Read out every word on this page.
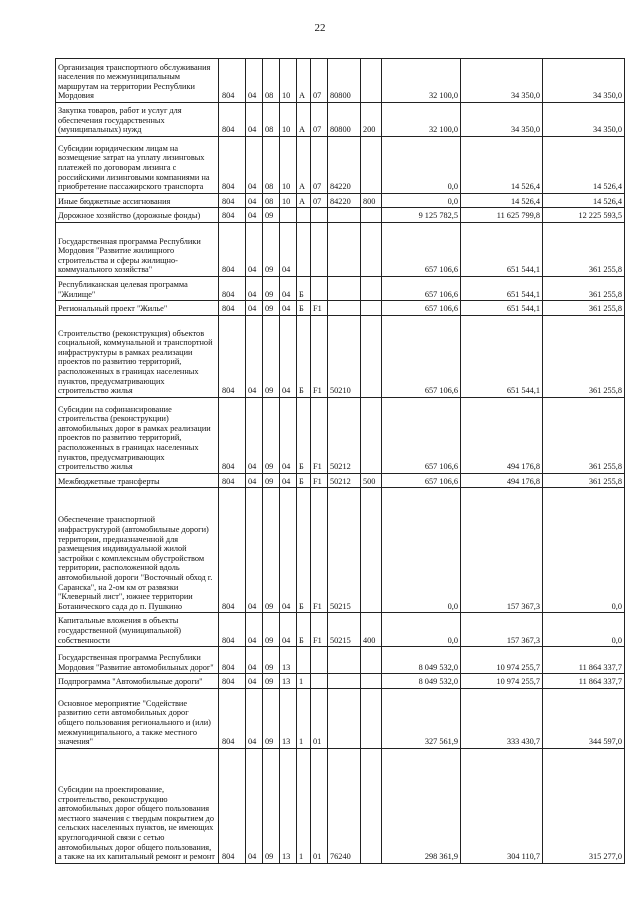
22
Организация транспортного обслуживания населения по межмуниципальным маршрутам на территории Республики Мордовия	804	04	08	10	А	07	80800		32 100,0	34 350,0	34 350,0
Закупка товаров, работ и услуг для обеспечения государственных (муниципальных) нужд	804	04	08	10	А	07	80800	200	32 100,0	34 350,0	34 350,0
Субсидии юридическим лицам на возмещение затрат на уплату лизинговых платежей по договорам лизинга с российскими лизинговыми компаниями на приобретение пассажирского транспорта	804	04	08	10	А	07	84220		0,0	14 526,4	14 526,4
Иные бюджетные ассигнования	804	04	08	10	А	07	84220	800	0,0	14 526,4	14 526,4
Дорожное хозяйство (дорожные фонды)	804	04	09						9 125 782,5	11 625 799,8	12 225 593,5
Государственная программа Республики Мордовия "Развитие жилищного строительства и сферы жилищно-коммунального хозяйства"	804	04	09	04					657 106,6	651 544,1	361 255,8
Республиканская целевая программа "Жилище"	804	04	09	04	Б				657 106,6	651 544,1	361 255,8
Региональный проект "Жилье"	804	04	09	04	Б	F1			657 106,6	651 544,1	361 255,8
Строительство (реконструкция) объектов социальной, коммунальной и транспортной инфраструктуры в рамках реализации проектов по развитию территорий, расположенных в границах населенных пунктов, предусматривающих строительство жилья	804	04	09	04	Б	F1	50210		657 106,6	651 544,1	361 255,8
Субсидии на софинансирование строительства (реконструкции) автомобильных дорог в рамках реализации проектов по развитию территорий, расположенных в границах населенных пунктов, предусматривающих строительство жилья	804	04	09	04	Б	F1	50212		657 106,6	494 176,8	361 255,8
Межбюджетные трансферты	804	04	09	04	Б	F1	50212	500	657 106,6	494 176,8	361 255,8
Обеспечение транспортной инфраструктурой (автомобильные дороги) территории, предназначенной для размещения индивидуальной жилой застройки с комплексным обустройством территории, расположенной вдоль автомобильной дороги "Восточный обход г. Саранска", на 2-ом км от развязки "Клеверный лист", южнее территории Ботанического сада до п. Пушкино	804	04	09	04	Б	F1	50215		0,0	157 367,3	0,0
Капитальные вложения в объекты государственной (муниципальной) собственности	804	04	09	04	Б	F1	50215	400	0,0	157 367,3	0,0
Государственная программа Республики Мордовия "Развитие автомобильных дорог"	804	04	09	13					8 049 532,0	10 974 255,7	11 864 337,7
Подпрограмма "Автомобильные дороги"	804	04	09	13	1				8 049 532,0	10 974 255,7	11 864 337,7
Основное мероприятие "Содействие развитию сети автомобильных дорог общего пользования регионального и (или) межмуниципального, а также местного значения"	804	04	09	13	1	01			327 561,9	333 430,7	344 597,0
Субсидии на проектирование, строительство, реконструкцию автомобильных дорог общего пользования местного значения с твердым покрытием до сельских населенных пунктов, не имеющих круглогодичной связи с сетью автомобильных дорог общего пользования, а также на их капитальный ремонт и ремонт	804	04	09	13	1	01	76240		298 361,9	304 110,7	315 277,0
